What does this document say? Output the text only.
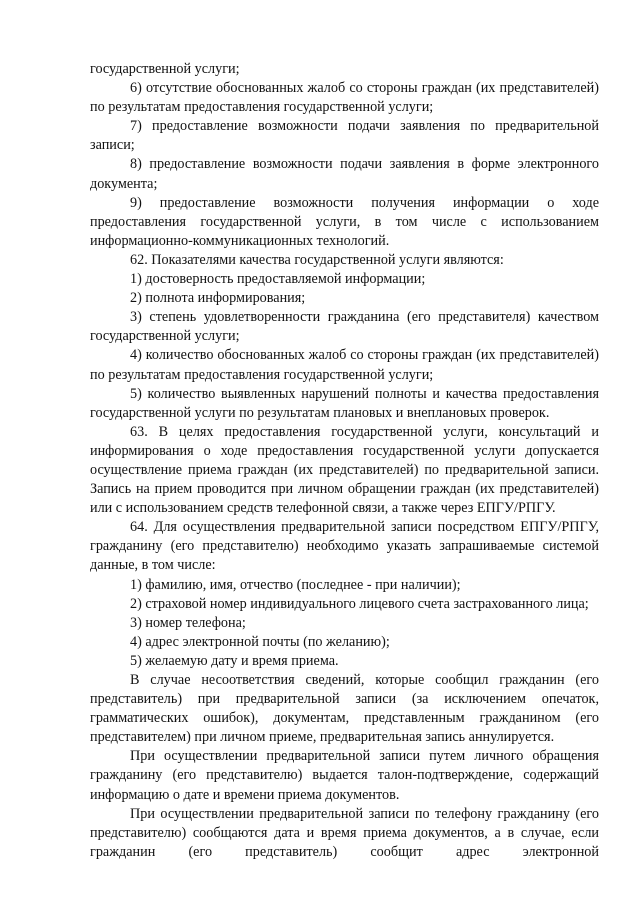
государственной услуги;

6) отсутствие обоснованных жалоб со стороны граждан (их представителей) по результатам предоставления государственной услуги;

7) предоставление возможности подачи заявления по предварительной записи;

8) предоставление возможности подачи заявления в форме электронного документа;

9) предоставление возможности получения информации о ходе предоставления государственной услуги, в том числе с использованием информационно-коммуникационных технологий.

62. Показателями качества государственной услуги являются:

1) достоверность предоставляемой информации;

2) полнота информирования;

3) степень удовлетворенности гражданина (его представителя) качеством государственной услуги;

4) количество обоснованных жалоб со стороны граждан (их представителей) по результатам предоставления государственной услуги;

5) количество выявленных нарушений полноты и качества предоставления государственной услуги по результатам плановых и внеплановых проверок.

63. В целях предоставления государственной услуги, консультаций и информирования о ходе предоставления государственной услуги допускается осуществление приема граждан (их представителей) по предварительной записи. Запись на прием проводится при личном обращении граждан (их представителей) или с использованием средств телефонной связи, а также через ЕПГУ/РПГУ.

64. Для осуществления предварительной записи посредством ЕПГУ/РПГУ, гражданину (его представителю) необходимо указать запрашиваемые системой данные, в том числе:

1) фамилию, имя, отчество (последнее - при наличии);

2) страховой номер индивидуального лицевого счета застрахованного лица;

3) номер телефона;

4) адрес электронной почты (по желанию);

5) желаемую дату и время приема.

В случае несоответствия сведений, которые сообщил гражданин (его представитель) при предварительной записи (за исключением опечаток, грамматических ошибок), документам, представленным гражданином (его представителем) при личном приеме, предварительная запись аннулируется.

При осуществлении предварительной записи путем личного обращения гражданину (его представителю) выдается талон-подтверждение, содержащий информацию о дате и времени приема документов.

При осуществлении предварительной записи по телефону гражданину (его представителю) сообщаются дата и время приема документов, а в случае, если гражданин (его представитель) сообщит адрес электронной
